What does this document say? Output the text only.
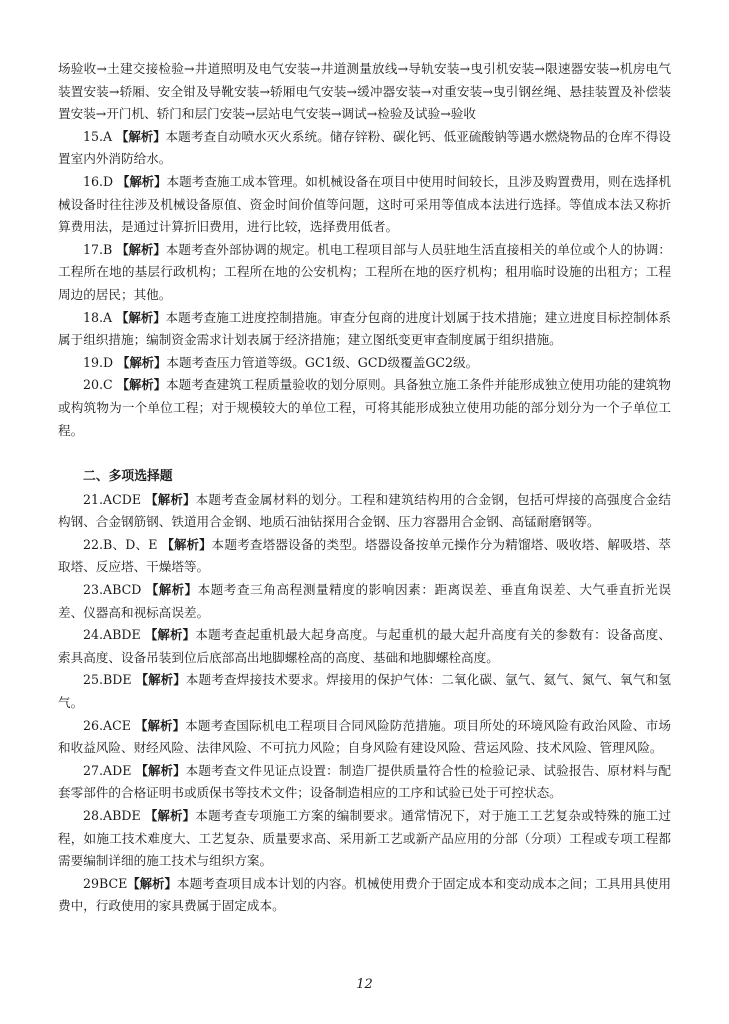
场验收→土建交接检验→井道照明及电气安装→井道测量放线→导轨安装→曳引机安装→限速器安装→机房电气装置安装→轿厢、安全钳及导靴安装→轿厢电气安装→缓冲器安装→对重安装→曳引钢丝绳、悬挂装置及补偿装置安装→开门机、轿门和层门安装→层站电气安装→调试→检验及试验→验收

15.A 【解析】本题考查自动喷水灭火系统。储存锌粉、碳化钙、低亚硫酸钠等遇水燃烧物品的仓库不得设置室内外消防给水。

16.D 【解析】本题考查施工成本管理。如机械设备在项目中使用时间较长，且涉及购置费用，则在选择机械设备时往往涉及机械设备原值、资金时间价值等问题，这时可采用等值成本法进行选择。等值成本法又称折算费用法，是通过计算折旧费用，进行比较，选择费用低者。

17.B 【解析】本题考查外部协调的规定。机电工程项目部与人员驻地生活直接相关的单位或个人的协调：工程所在地的基层行政机构；工程所在地的公安机构；工程所在地的医疗机构；租用临时设施的出租方；工程周边的居民；其他。

18.A 【解析】本题考查施工进度控制措施。审查分包商的进度计划属于技术措施；建立进度目标控制体系属于组织措施；编制资金需求计划表属于经济措施；建立图纸变更审查制度属于组织措施。

19.D 【解析】本题考查压力管道等级。GC1级、GCD级覆盖GC2级。

20.C 【解析】本题考查建筑工程质量验收的划分原则。具备独立施工条件并能形成独立使用功能的建筑物或构筑物为一个单位工程；对于规模较大的单位工程，可将其能形成独立使用功能的部分划分为一个子单位工程。

二、多项选择题

21.ACDE 【解析】本题考查金属材料的划分。工程和建筑结构用的合金钢，包括可焊接的高强度合金结构钢、合金钢筋钢、铁道用合金钢、地质石油钻探用合金钢、压力容器用合金钢、高锰耐磨钢等。

22.B、D、E 【解析】本题考查塔器设备的类型。塔器设备按单元操作分为精馏塔、吸收塔、解吸塔、萃取塔、反应塔、干燥塔等。

23.ABCD 【解析】本题考查三角高程测量精度的影响因素：距离误差、垂直角误差、大气垂直折光误差、仪器高和视标高误差。

24.ABDE 【解析】本题考查起重机最大起身高度。与起重机的最大起升高度有关的参数有：设备高度、索具高度、设备吊装到位后底部高出地脚螺栓高的高度、基础和地脚螺栓高度。

25.BDE 【解析】本题考查焊接技术要求。焊接用的保护气体：二氧化碳、氩气、氦气、氮气、氧气和氢气。

26.ACE 【解析】本题考查国际机电工程项目合同风险防范措施。项目所处的环境风险有政治风险、市场和收益风险、财经风险、法律风险、不可抗力风险；自身风险有建设风险、营运风险、技术风险、管理风险。

27.ADE 【解析】本题考查文件见证点设置：制造厂提供质量符合性的检验记录、试验报告、原材料与配套零部件的合格证明书或质保书等技术文件；设备制造相应的工序和试验已处于可控状态。

28.ABDE 【解析】本题考查专项施工方案的编制要求。通常情况下，对于施工工艺复杂或特殊的施工过程，如施工技术难度大、工艺复杂、质量要求高、采用新工艺或新产品应用的分部（分项）工程或专项工程都需要编制详细的施工技术与组织方案。

29BCE【解析】本题考查项目成本计划的内容。机械使用费介于固定成本和变动成本之间；工具用具使用费中，行政使用的家具费属于固定成本。

12
